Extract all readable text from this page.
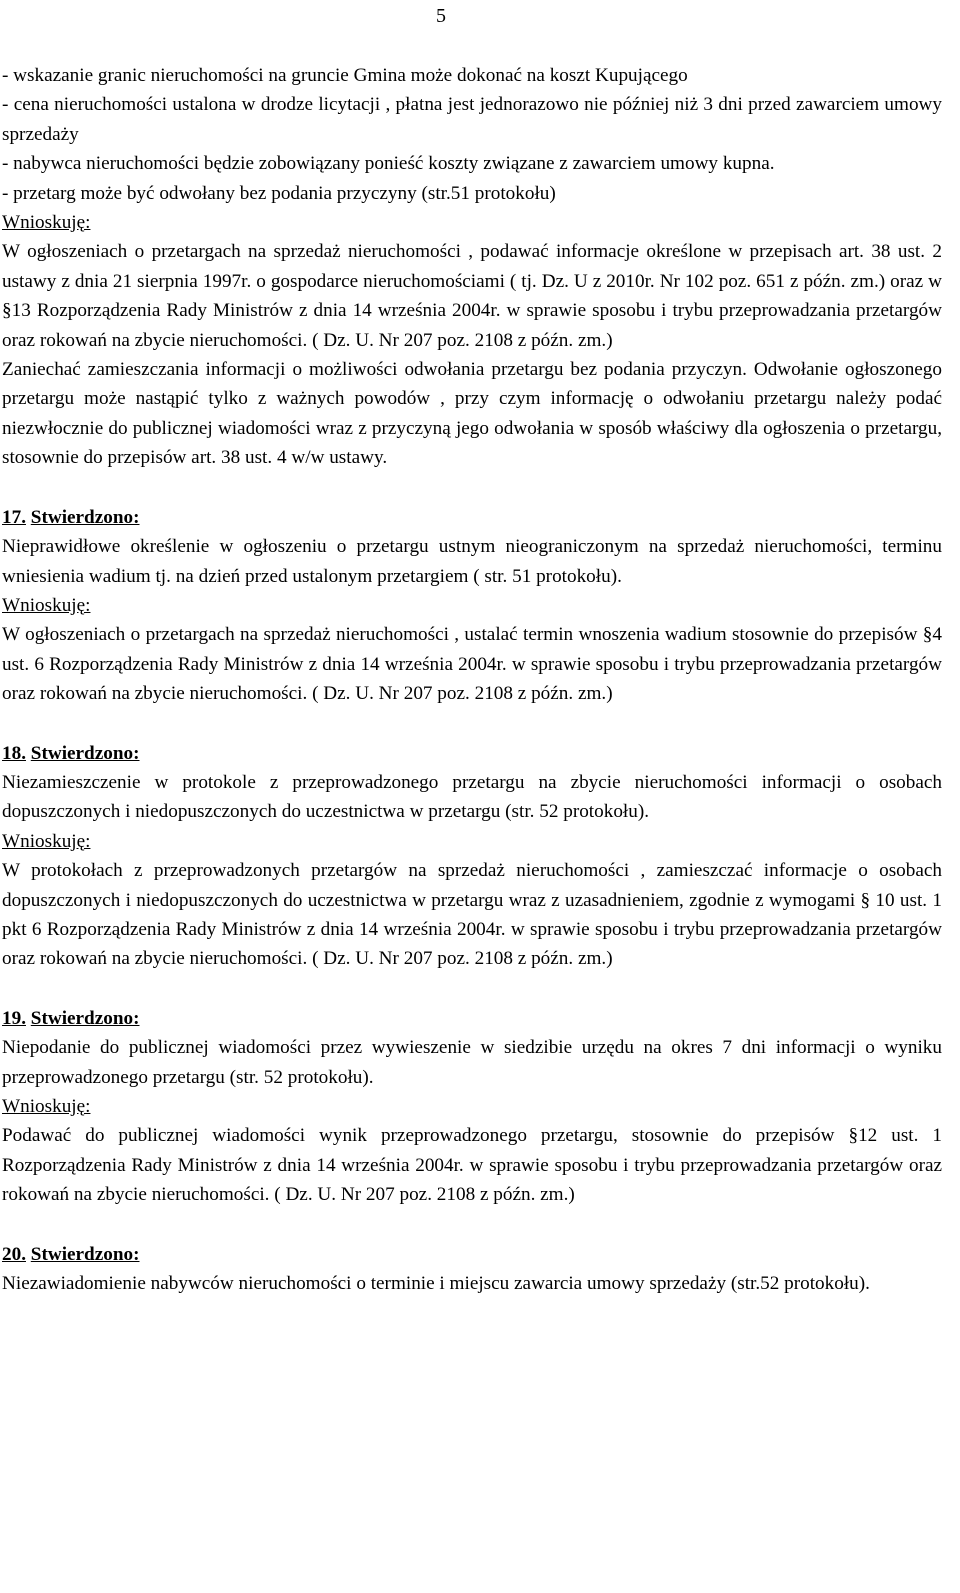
5

- wskazanie granic nieruchomości na gruncie Gmina może dokonać na koszt Kupującego

- cena nieruchomości ustalona w drodze licytacji , płatna jest jednorazowo nie później niż 3 dni przed zawarciem umowy sprzedaży

- nabywca nieruchomości będzie zobowiązany ponieść koszty związane z zawarciem umowy kupna.

- przetarg może być odwołany bez podania przyczyny (str.51 protokołu)

Wnioskuję:

W ogłoszeniach o przetargach na sprzedaż nieruchomości , podawać informacje określone w przepisach art. 38 ust. 2 ustawy z dnia 21 sierpnia 1997r. o gospodarce nieruchomościami ( tj. Dz. U z 2010r. Nr 102 poz. 651 z późn. zm.) oraz w §13 Rozporządzenia Rady Ministrów z dnia 14 września 2004r. w sprawie sposobu i trybu przeprowadzania przetargów oraz rokowań na zbycie nieruchomości. ( Dz. U. Nr 207 poz. 2108 z późn. zm.)

Zaniechać zamieszczania informacji o możliwości odwołania przetargu bez podania przyczyn. Odwołanie ogłoszonego przetargu może nastąpić tylko z ważnych powodów , przy czym informację o odwołaniu przetargu należy podać niezwłocznie do publicznej wiadomości wraz z przyczyną jego odwołania w sposób właściwy dla ogłoszenia o przetargu, stosownie do przepisów art. 38 ust. 4 w/w ustawy.

17. Stwierdzono:

Nieprawidłowe określenie w ogłoszeniu o przetargu ustnym nieograniczonym na sprzedaż nieruchomości, terminu wniesienia wadium tj. na dzień przed ustalonym przetargiem ( str. 51 protokołu).

Wnioskuję:

W ogłoszeniach o przetargach na sprzedaż nieruchomości , ustalać termin wnoszenia wadium stosownie do przepisów §4 ust. 6 Rozporządzenia Rady Ministrów z dnia 14 września 2004r. w sprawie sposobu i trybu przeprowadzania przetargów oraz rokowań na zbycie nieruchomości. ( Dz. U. Nr 207 poz. 2108 z późn. zm.)

18. Stwierdzono:

Niezamieszczenie w protokole z przeprowadzonego przetargu na zbycie nieruchomości informacji o osobach dopuszczonych i niedopuszczonych do uczestnictwa w przetargu (str. 52 protokołu).

Wnioskuję:

W protokołach z przeprowadzonych przetargów na sprzedaż nieruchomości , zamieszczać informacje o osobach dopuszczonych i niedopuszczonych do uczestnictwa w przetargu wraz z uzasadnieniem, zgodnie z wymogami § 10 ust. 1 pkt 6 Rozporządzenia Rady Ministrów z dnia 14 września 2004r. w sprawie sposobu i trybu przeprowadzania przetargów oraz rokowań na zbycie nieruchomości. ( Dz. U. Nr 207 poz. 2108 z późn. zm.)

19. Stwierdzono:

Niepodanie do publicznej wiadomości przez wywieszenie w siedzibie urzędu na okres 7 dni informacji o wyniku przeprowadzonego przetargu (str. 52 protokołu).

Wnioskuję:

Podawać do publicznej wiadomości wynik przeprowadzonego przetargu, stosownie do przepisów §12 ust. 1 Rozporządzenia Rady Ministrów z dnia 14 września 2004r. w sprawie sposobu i trybu przeprowadzania przetargów oraz rokowań na zbycie nieruchomości. ( Dz. U. Nr 207 poz. 2108 z późn. zm.)

20. Stwierdzono:

Niezawiadomienie nabywców nieruchomości o terminie i miejscu zawarcia umowy sprzedaży (str.52 protokołu).
